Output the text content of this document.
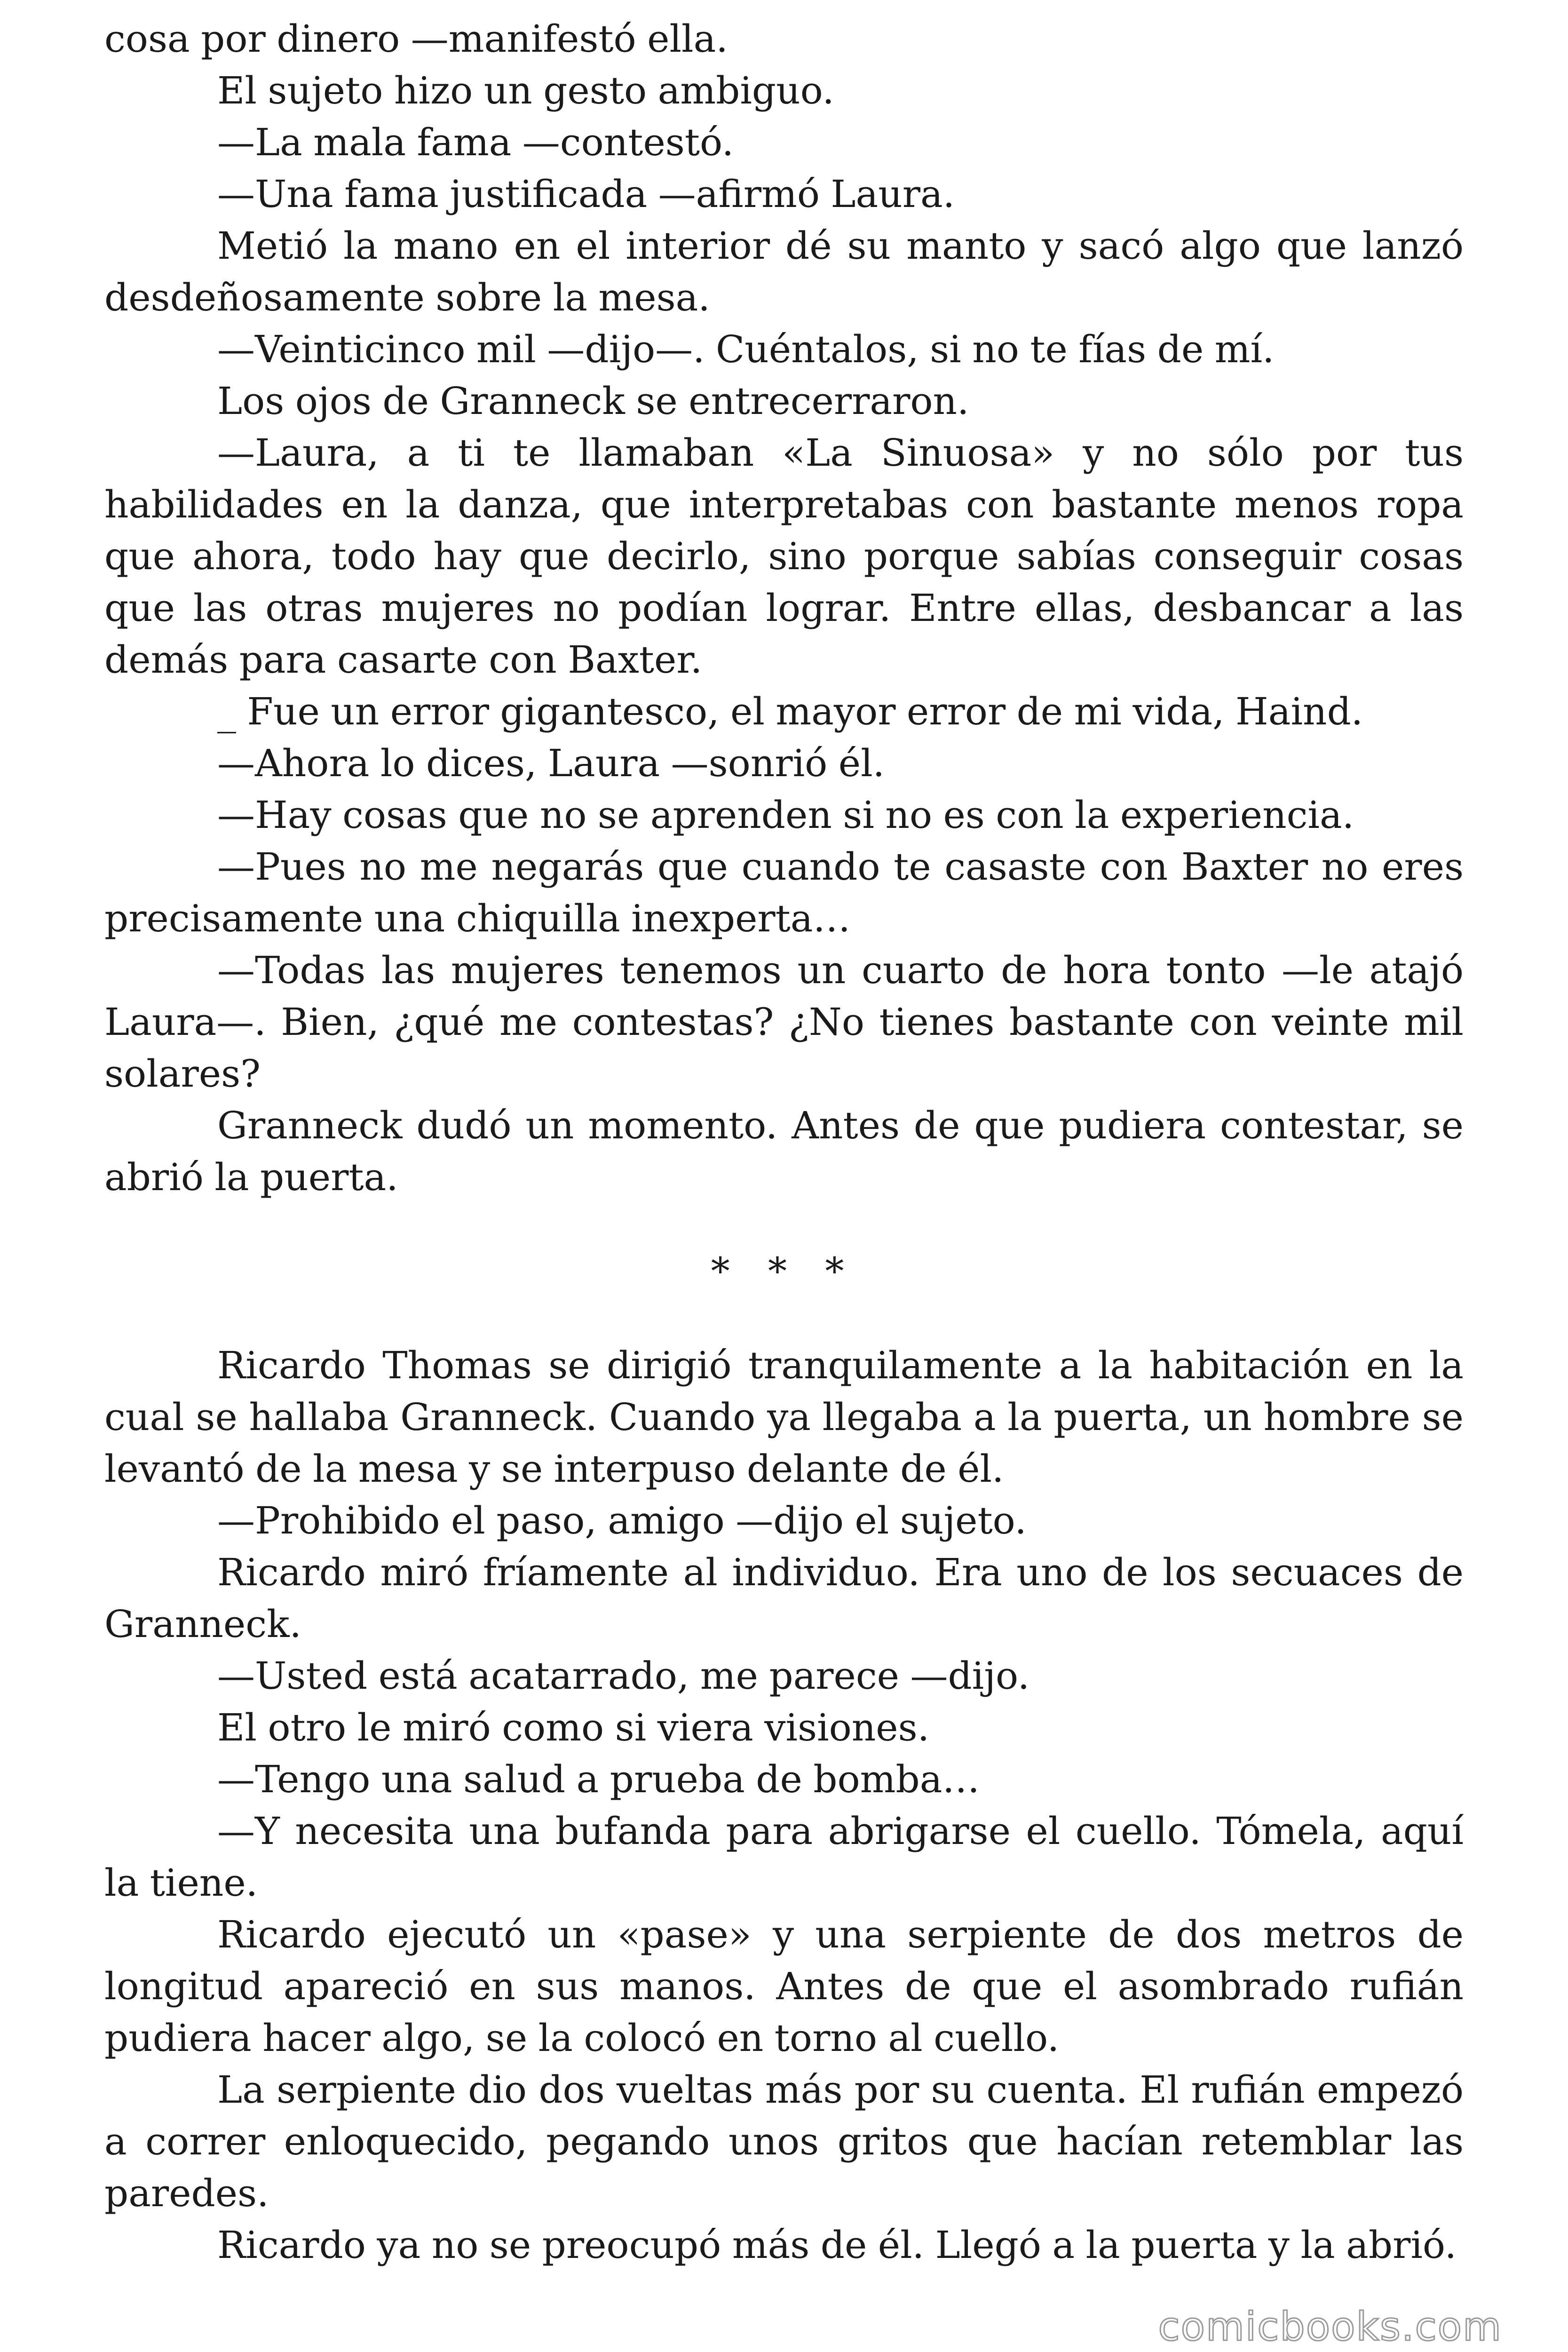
cosa por dinero —manifestó ella.

El sujeto hizo un gesto ambiguo.

—La mala fama —contestó.

—Una fama justificada —afirmó Laura.

Metió la mano en el interior dé su manto y sacó algo que lanzó desdeñosamente sobre la mesa.

—Veinticinco mil —dijo—. Cuéntalos, si no te fías de mí.

Los ojos de Granneck se entrecerraron.

—Laura, a ti te llamaban «La Sinuosa» y no sólo por tus habilidades en la danza, que interpretabas con bastante menos ropa que ahora, todo hay que decirlo, sino porque sabías conseguir cosas que las otras mujeres no podían lograr. Entre ellas, desbancar a las demás para casarte con Baxter.

_ Fue un error gigantesco, el mayor error de mi vida, Haind.

—Ahora lo dices, Laura —sonrió él.

—Hay cosas que no se aprenden si no es con la experiencia.

—Pues no me negarás que cuando te casaste con Baxter no eres precisamente una chiquilla inexperta…

—Todas las mujeres tenemos un cuarto de hora tonto —le atajó Laura—. Bien, ¿qué me contestas? ¿No tienes bastante con veinte mil solares?

Granneck dudó un momento. Antes de que pudiera contestar, se abrió la puerta.

* * *

Ricardo Thomas se dirigió tranquilamente a la habitación en la cual se hallaba Granneck. Cuando ya llegaba a la puerta, un hombre se levantó de la mesa y se interpuso delante de él.

—Prohibido el paso, amigo —dijo el sujeto.

Ricardo miró fríamente al individuo. Era uno de los secuaces de Granneck.

—Usted está acatarrado, me parece —dijo.

El otro le miró como si viera visiones.

—Tengo una salud a prueba de bomba…

—Y necesita una bufanda para abrigarse el cuello. Tómela, aquí la tiene.

Ricardo ejecutó un «pase» y una serpiente de dos metros de longitud apareció en sus manos. Antes de que el asombrado rufián pudiera hacer algo, se la colocó en torno al cuello.

La serpiente dio dos vueltas más por su cuenta. El rufián empezó a correr enloquecido, pegando unos gritos que hacían retemblar las paredes.

Ricardo ya no se preocupó más de él. Llegó a la puerta y la abrió.

comicbooks.com
